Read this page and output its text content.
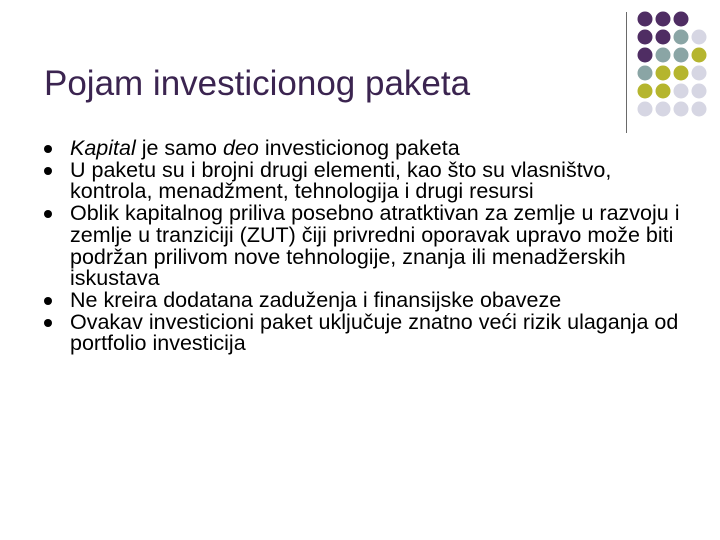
Pojam investicionog paketa
Kapital je samo deo investicionog paketa
U paketu su i brojni drugi elementi, kao što su vlasništvo, kontrola, menadžment, tehnologija i drugi resursi
Oblik kapitalnog priliva posebno atratktivan za zemlje u razvoju i zemlje u tranziciji (ZUT) čiji privredni oporavak upravo može biti podržan prilivom nove tehnologije, znanja ili menadžerskih iskustava
Ne kreira dodatana zaduženja i finansijske obaveze
Ovakav investicioni paket uključuje znatno veći rizik ulaganja od portfolio investicija
